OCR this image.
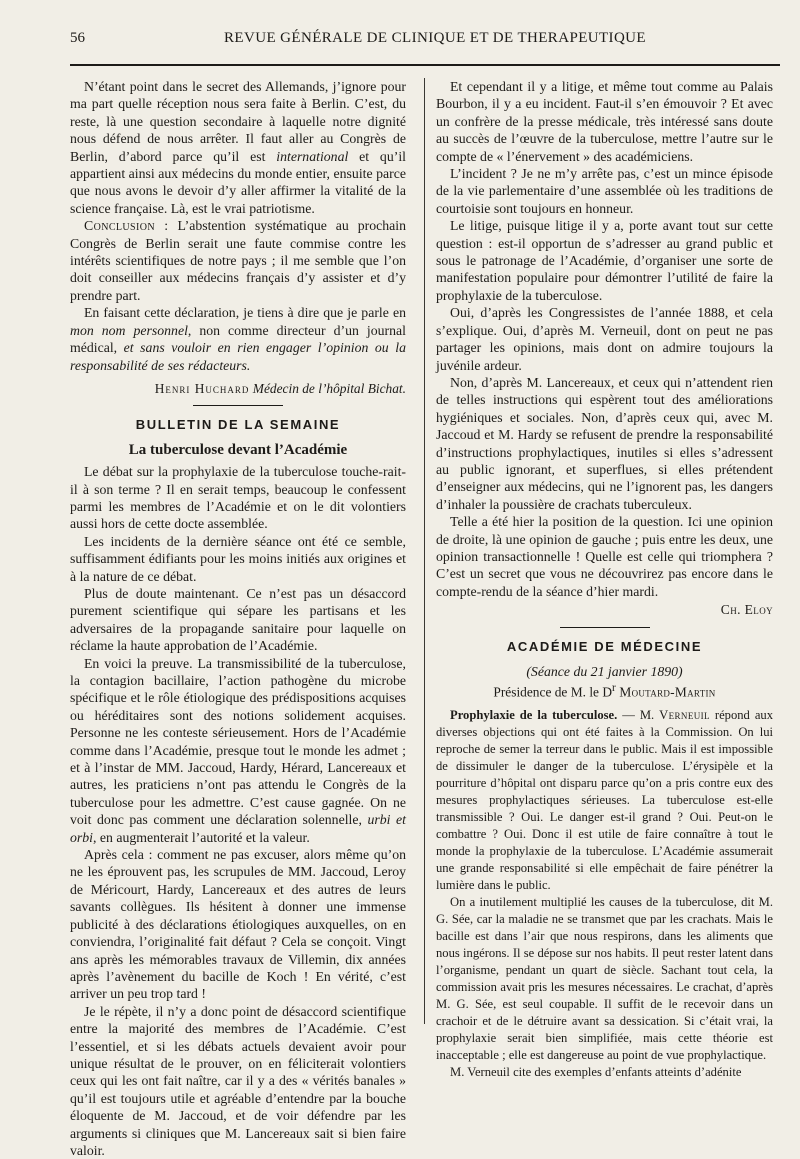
56	REVUE GÉNÉRALE DE CLINIQUE ET DE THERAPEUTIQUE

N’étant point dans le secret des Allemands, j’ignore pour ma part quelle réception nous sera faite à Berlin. C’est, du reste, là une question secondaire à laquelle notre dignité nous défend de nous arrêter. Il faut aller au Congrès de Berlin, d’abord parce qu’il est international et qu’il appartient ainsi aux médecins du monde entier, ensuite parce que nous avons le devoir d’y aller affirmer la vitalité de la science française. Là, est le vrai patriotisme.

Conclusion : L’abstention systématique au prochain Congrès de Berlin serait une faute commise contre les intérêts scientifiques de notre pays ; il me semble que l’on doit conseiller aux médecins français d’y assister et d’y prendre part.

En faisant cette déclaration, je tiens à dire que je parle en mon nom personnel, non comme directeur d’un journal médical, et sans vouloir en rien engager l’opinion ou la responsabilité de ses rédacteurs.

Henri Huchard Médecin de l’hôpital Bichat.

BULLETIN DE LA SEMAINE
La tuberculose devant l’Académie

Le débat sur la prophylaxie de la tuberculose touche-rait-il à son terme ? Il en serait temps, beaucoup le confessent parmi les membres de l’Académie et on le dit volontiers aussi hors de cette docte assemblée.

Les incidents de la dernière séance ont été ce semble, suffisamment édifiants pour les moins initiés aux origines et à la nature de ce débat.

Plus de doute maintenant. Ce n’est pas un désaccord purement scientifique qui sépare les partisans et les adversaires de la propagande sanitaire pour laquelle on réclame la haute approbation de l’Académie.

En voici la preuve. La transmissibilité de la tuberculose, la contagion bacillaire, l’action pathogène du microbe spécifique et le rôle étiologique des prédispositions acquises ou héréditaires sont des notions solidement acquises. Personne ne les conteste sérieusement. Hors de l’Académie comme dans l’Académie, presque tout le monde les admet ; et à l’instar de MM. Jaccoud, Hardy, Hérard, Lancereaux et autres, les praticiens n’ont pas attendu le Congrès de la tuberculose pour les admettre. C’est cause gagnée. On ne voit donc pas comment une déclaration solennelle, urbi et orbi, en augmenterait l’autorité et la valeur.

Après cela : comment ne pas excuser, alors même qu’on ne les éprouvent pas, les scrupules de MM. Jaccoud, Leroy de Méricourt, Hardy, Lancereaux et des autres de leurs savants collègues. Ils hésitent à donner une immense publicité à des déclarations étiologiques auxquelles, on en conviendra, l’originalité fait défaut ? Cela se conçoit. Vingt ans après les mémorables travaux de Villemin, dix années après l’avènement du bacille de Koch ! En vérité, c’est arriver un peu trop tard !

Je le répète, il n’y a donc point de désaccord scientifique entre la majorité des membres de l’Académie. C’est l’essentiel, et si les débats actuels devaient avoir pour unique résultat de le prouver, on en féliciterait volontiers ceux qui les ont fait naître, car il y a des « vérités banales » qu’il est toujours utile et agréable d’entendre par la bouche éloquente de M. Jaccoud, et de voir défendre par les arguments si cliniques que M. Lancereaux sait si bien faire valoir.

Et cependant il y a litige, et même tout comme au Palais Bourbon, il y a eu incident. Faut-il s’en émouvoir ? Et avec un confrère de la presse médicale, très intéressé sans doute au succès de l’œuvre de la tuberculose, mettre l’autre sur le compte de « l’énervement » des académiciens.

L’incident ? Je ne m’y arrête pas, c’est un mince épisode de la vie parlementaire d’une assemblée où les traditions de courtoisie sont toujours en honneur.

Le litige, puisque litige il y a, porte avant tout sur cette question : est-il opportun de s’adresser au grand public et sous le patronage de l’Académie, d’organiser une sorte de manifestation populaire pour démontrer l’utilité de faire la prophylaxie de la tuberculose.

Oui, d’après les Congressistes de l’année 1888, et cela s’explique. Oui, d’après M. Verneuil, dont on peut ne pas partager les opinions, mais dont on admire toujours la juvénile ardeur.

Non, d’après M. Lancereaux, et ceux qui n’attendent rien de telles instructions qui espèrent tout des améliorations hygiéniques et sociales. Non, d’après ceux qui, avec M. Jaccoud et M. Hardy se refusent de prendre la responsabilité d’instructions prophylactiques, inutiles si elles s’adressent au public ignorant, et superflues, si elles prétendent d’enseigner aux médecins, qui ne l’ignorent pas, les dangers d’inhaler la poussière de crachats tuberculeux.

Telle a été hier la position de la question. Ici une opinion de droite, là une opinion de gauche ; puis entre les deux, une opinion transactionnelle ! Quelle est celle qui triomphera ? C’est un secret que vous ne découvrirez pas encore dans le compte-rendu de la séance d’hier mardi.

Ch. Eloy

ACADÉMIE DE MÉDECINE
(Séance du 21 janvier 1890)
Présidence de M. le $D^r$ Moutard-Martin

Prophylaxie de la tuberculose. — M. Verneuil répond aux diverses objections qui ont été faites à la Commission. On lui reproche de semer la terreur dans le public. Mais il est impossible de dissimuler le danger de la tuberculose. L’érysipèle et la pourriture d’hôpital ont disparu parce qu’on a pris contre eux des mesures prophylactiques sérieuses. La tuberculose est-elle transmissible ? Oui. Le danger est-il grand ? Oui. Peut-on le combattre ? Oui. Donc il est utile de faire connaître à tout le monde la prophylaxie de la tuberculose. L’Académie assumerait une grande responsabilité si elle empêchait de faire pénétrer la lumière dans le public.

On a inutilement multiplié les causes de la tuberculose, dit M. G. Sée, car la maladie ne se transmet que par les crachats. Mais le bacille est dans l’air que nous respirons, dans les aliments que nous ingérons. Il se dépose sur nos habits. Il peut rester latent dans l’organisme, pendant un quart de siècle. Sachant tout cela, la commission avait pris les mesures nécessaires. Le crachat, d’après M. G. Sée, est seul coupable. Il suffit de le recevoir dans un crachoir et de le détruire avant sa dessication. Si c’était vrai, la prophylaxie serait bien simplifiée, mais cette théorie est inacceptable ; elle est dangereuse au point de vue prophylactique.

M. Verneuil cite des exemples d’enfants atteints d’adénite
